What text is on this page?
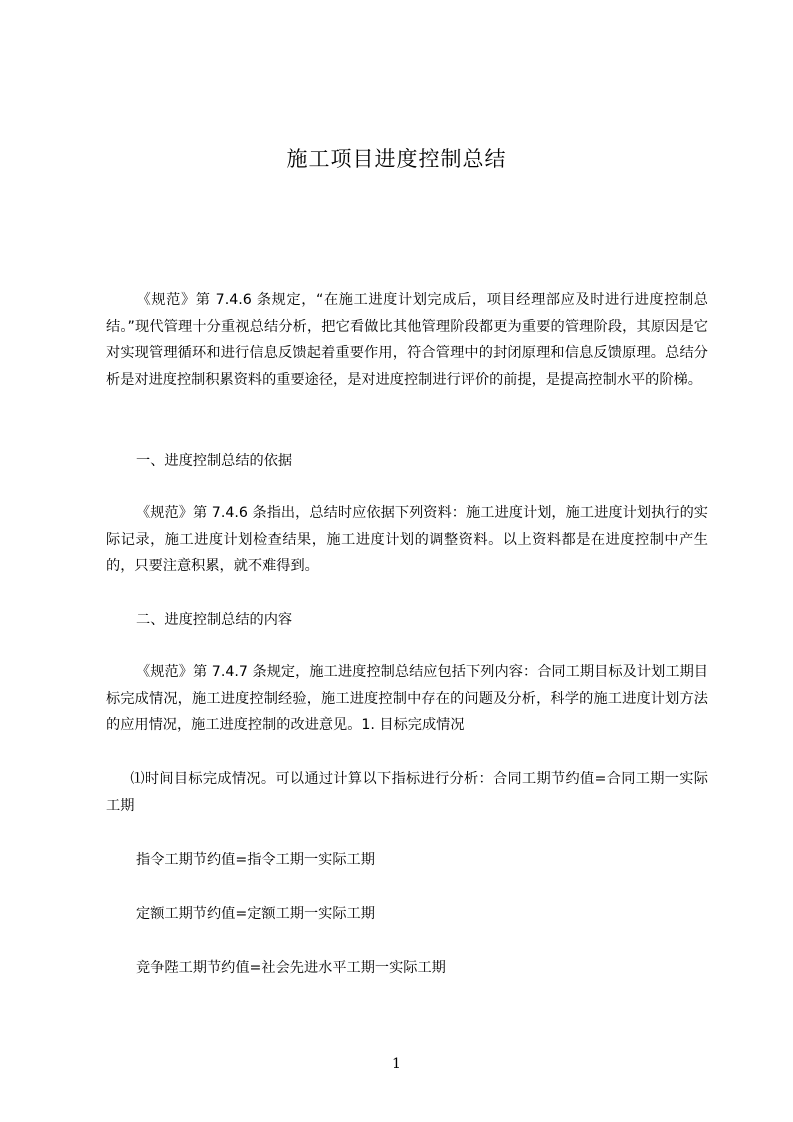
施工项目进度控制总结

《规范》第 7.4.6 条规定，“在施工进度计划完成后，项目经理部应及时进行进度控制总结。”现代管理十分重视总结分析，把它看做比其他管理阶段都更为重要的管理阶段，其原因是它对实现管理循环和进行信息反馈起着重要作用，符合管理中的封闭原理和信息反馈原理。总结分析是对进度控制积累资料的重要途径，是对进度控制进行评价的前提，是提高控制水平的阶梯。

一、进度控制总结的依据

《规范》第 7.4.6 条指出，总结时应依据下列资料：施工进度计划，施工进度计划执行的实际记录，施工进度计划检查结果，施工进度计划的调整资料。以上资料都是在进度控制中产生的，只要注意积累，就不难得到。

二、进度控制总结的内容

《规范》第 7.4.7 条规定，施工进度控制总结应包括下列内容：合同工期目标及计划工期目标完成情况，施工进度控制经验，施工进度控制中存在的问题及分析，科学的施工进度计划方法的应用情况，施工进度控制的改进意见。1. 目标完成情况

⑴时间目标完成情况。可以通过计算以下指标进行分析：合同工期节约值=合同工期一实际工期

指令工期节约值=指令工期一实际工期

定额工期节约值=定额工期一实际工期

竞争陛工期节约值=社会先进水平工期一实际工期

1
